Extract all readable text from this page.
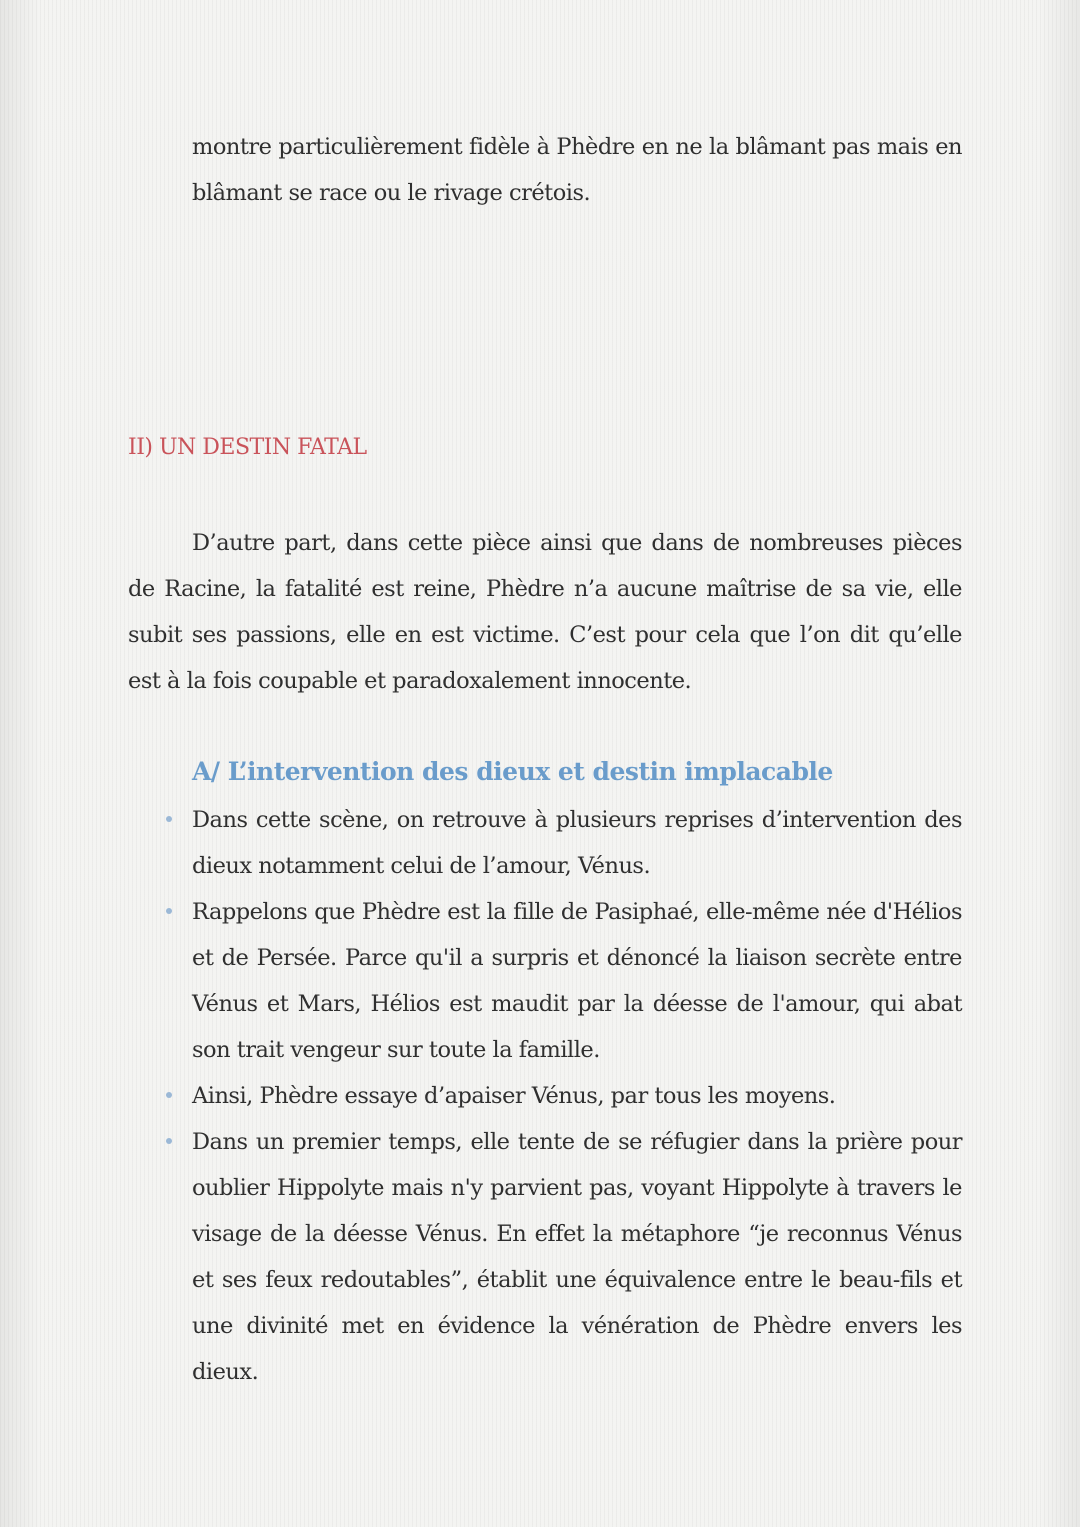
montre particulièrement fidèle à Phèdre en ne la blâmant pas mais en blâmant se race ou le rivage crétois.
II) UN DESTIN FATAL
D’autre part, dans cette pièce ainsi que dans de nombreuses pièces de Racine, la fatalité est reine, Phèdre n’a aucune maîtrise de sa vie, elle subit ses passions, elle en est victime. C’est pour cela que l’on dit qu’elle est à la fois coupable et paradoxalement innocente.
A/ L’intervention des dieux et destin implacable
Dans cette scène, on retrouve à plusieurs reprises d’intervention des dieux notamment celui de l’amour, Vénus.
Rappelons que Phèdre est la fille de Pasiphaé, elle-même née d'Hélios et de Persée. Parce qu'il a surpris et dénoncé la liaison secrète entre Vénus et Mars, Hélios est maudit par la déesse de l'amour, qui abat son trait vengeur sur toute la famille.
Ainsi, Phèdre essaye d’apaiser Vénus, par tous les moyens.
Dans un premier temps, elle tente de se réfugier dans la prière pour oublier Hippolyte mais n'y parvient pas, voyant Hippolyte à travers le visage de la déesse Vénus. En effet la métaphore “je reconnus Vénus et ses feux redoutables”, établit une équivalence entre le beau-fils et une divinité met en évidence la vénération de Phèdre envers les dieux.
